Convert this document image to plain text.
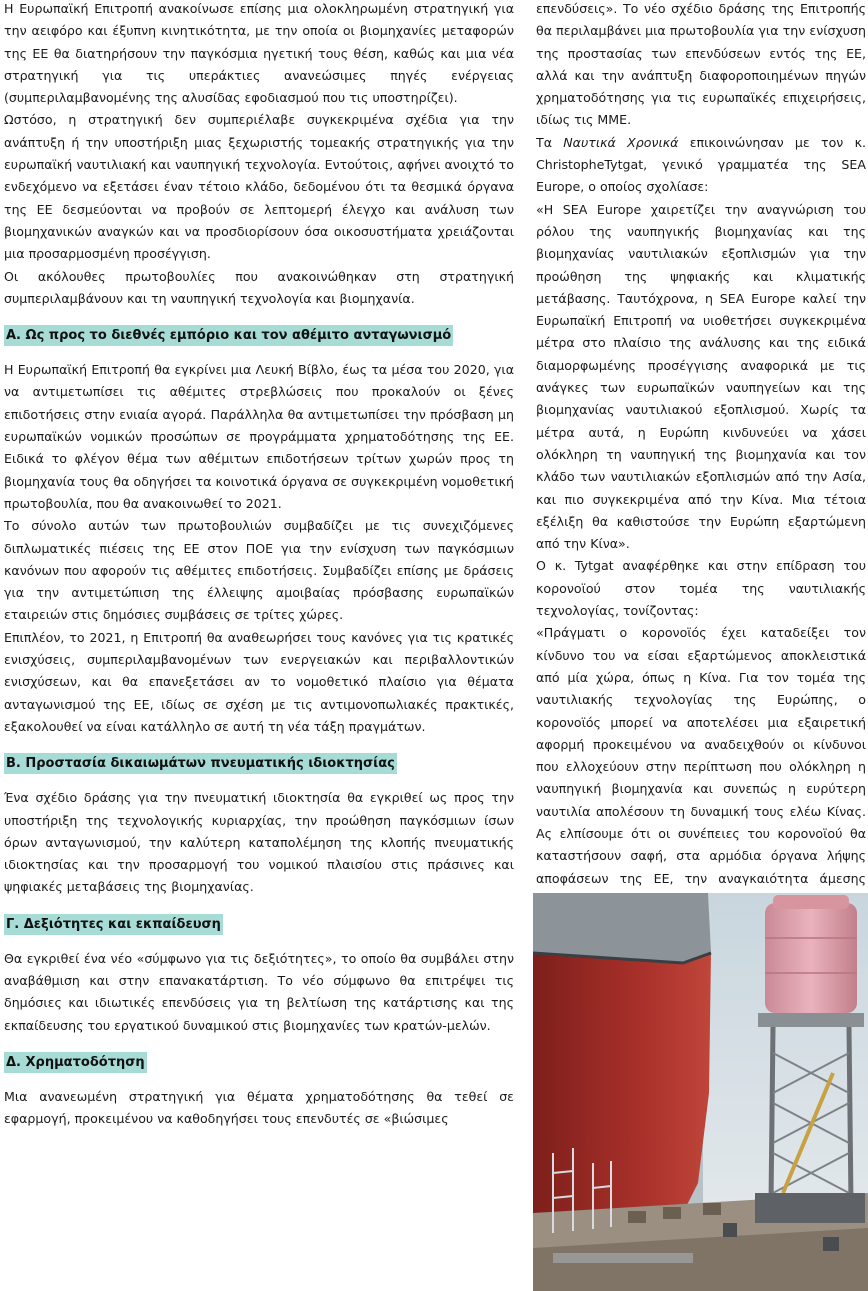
Η Ευρωπαϊκή Επιτροπή ανακοίνωσε επίσης μια ολοκληρωμένη στρατηγική για την αειφόρο και έξυπνη κινητικότητα, με την οποία οι βιομηχανίες μεταφορών της ΕΕ θα διατηρήσουν την παγκόσμια ηγετική τους θέση, καθώς και μια νέα στρατηγική για τις υπεράκτιες ανανεώσιμες πηγές ενέργειας (συμπεριλαμβανομένης της αλυσίδας εφοδιασμού που τις υποστηρίζει).

Ωστόσο, η στρατηγική δεν συμπεριέλαβε συγκεκριμένα σχέδια για την ανάπτυξη ή την υποστήριξη μιας ξεχωριστής τομεακής στρατηγικής για την ευρωπαϊκή ναυτιλιακή και ναυπηγική τεχνολογία. Εντούτοις, αφήνει ανοιχτό το ενδεχόμενο να εξετάσει έναν τέτοιο κλάδο, δεδομένου ότι τα θεσμικά όργανα της ΕΕ δεσμεύονται να προβούν σε λεπτομερή έλεγχο και ανάλυση των βιομηχανικών αναγκών και να προσδιορίσουν όσα οικοσυστήματα χρειάζονται μια προσαρμοσμένη προσέγγιση.

Οι ακόλουθες πρωτοβουλίες που ανακοινώθηκαν στη στρατηγική συμπεριλαμβάνουν και τη ναυπηγική τεχνολογία και βιομηχανία.

Α. Ως προς το διεθνές εμπόριο και τον αθέμιτο ανταγωνισμό

Η Ευρωπαϊκή Επιτροπή θα εγκρίνει μια Λευκή Βίβλο, έως τα μέσα του 2020, για να αντιμετωπίσει τις αθέμιτες στρεβλώσεις που προκαλούν οι ξένες επιδοτήσεις στην ενιαία αγορά. Παράλληλα θα αντιμετωπίσει την πρόσβαση μη ευρωπαϊκών νομικών προσώπων σε προγράμματα χρηματοδότησης της ΕΕ. Ειδικά το φλέγον θέμα των αθέμιτων επιδοτήσεων τρίτων χωρών προς τη βιομηχανία τους θα οδηγήσει τα κοινοτικά όργανα σε συγκεκριμένη νομοθετική πρωτοβουλία, που θα ανακοινωθεί το 2021.

Το σύνολο αυτών των πρωτοβουλιών συμβαδίζει με τις συνεχιζόμενες διπλωματικές πιέσεις της ΕΕ στον ΠΟΕ για την ενίσχυση των παγκόσμιων κανόνων που αφορούν τις αθέμιτες επιδοτήσεις. Συμβαδίζει επίσης με δράσεις για την αντιμετώπιση της έλλειψης αμοιβαίας πρόσβασης ευρωπαϊκών εταιρειών στις δημόσιες συμβάσεις σε τρίτες χώρες.

Επιπλέον, το 2021, η Επιτροπή θα αναθεωρήσει τους κανόνες για τις κρατικές ενισχύσεις, συμπεριλαμβανομένων των ενεργειακών και περιβαλλοντικών ενισχύσεων, και θα επανεξετάσει αν το νομοθετικό πλαίσιο για θέματα ανταγωνισμού της ΕΕ, ιδίως σε σχέση με τις αντιμονοπωλιακές πρακτικές, εξακολουθεί να είναι κατάλληλο σε αυτή τη νέα τάξη πραγμάτων.

Β. Προστασία δικαιωμάτων πνευματικής ιδιοκτησίας

Ένα σχέδιο δράσης για την πνευματική ιδιοκτησία θα εγκριθεί ως προς την υποστήριξη της τεχνολογικής κυριαρχίας, την προώθηση παγκόσμιων ίσων όρων ανταγωνισμού, την καλύτερη καταπολέμηση της κλοπής πνευματικής ιδιοκτησίας και την προσαρμογή του νομικού πλαισίου στις πράσινες και ψηφιακές μεταβάσεις της βιομηχανίας.

Γ. Δεξιότητες και εκπαίδευση

Θα εγκριθεί ένα νέο «σύμφωνο για τις δεξιότητες», το οποίο θα συμβάλει στην αναβάθμιση και στην επανακατάρτιση. Το νέο σύμφωνο θα επιτρέψει τις δημόσιες και ιδιωτικές επενδύσεις για τη βελτίωση της κατάρτισης και της εκπαίδευσης του εργατικού δυναμικού στις βιομηχανίες των κρατών-μελών.

Δ. Χρηματοδότηση

Μια ανανεωμένη στρατηγική για θέματα χρηματοδότησης θα τεθεί σε εφαρμογή, προκειμένου να καθοδηγήσει τους επενδυτές σε «βιώσιμες

επενδύσεις». Το νέο σχέδιο δράσης της Επιτροπής θα περιλαμβάνει μια πρωτοβουλία για την ενίσχυση της προστασίας των επενδύσεων εντός της ΕΕ, αλλά και την ανάπτυξη διαφοροποιημένων πηγών χρηματοδότησης για τις ευρωπαϊκές επιχειρήσεις, ιδίως τις ΜΜΕ.

Τα Ναυτικά Χρονικά επικοινώνησαν με τον κ. ChristopheTytgat, γενικό γραμματέα της SEA Europe, ο οποίος σχολίασε:

«Η SEA Europe χαιρετίζει την αναγνώριση του ρόλου της ναυπηγικής βιομηχανίας και της βιομηχανίας ναυτιλιακών εξοπλισμών για την προώθηση της ψηφιακής και κλιματικής μετάβασης. Ταυτόχρονα, η SEA Europe καλεί την Ευρωπαϊκή Επιτροπή να υιοθετήσει συγκεκριμένα μέτρα στο πλαίσιο της ανάλυσης και της ειδικά διαμορφωμένης προσέγγισης αναφορικά με τις ανάγκες των ευρωπαϊκών ναυπηγείων και της βιομηχανίας ναυτιλιακού εξοπλισμού. Χωρίς τα μέτρα αυτά, η Ευρώπη κινδυνεύει να χάσει ολόκληρη τη ναυπηγική της βιομηχανία και τον κλάδο των ναυτιλιακών εξοπλισμών από την Ασία, και πιο συγκεκριμένα από την Κίνα. Μια τέτοια εξέλιξη θα καθιστούσε την Ευρώπη εξαρτώμενη από την Κίνα».

Ο κ. Tytgat αναφέρθηκε και στην επίδραση του κορονοϊού στον τομέα της ναυτιλιακής τεχνολογίας, τονίζοντας:

«Πράγματι ο κορονοϊός έχει καταδείξει τον κίνδυνο του να είσαι εξαρτώμενος αποκλειστικά από μία χώρα, όπως η Κίνα. Για τον τομέα της ναυτιλιακής τεχνολογίας της Ευρώπης, ο κορονοϊός μπορεί να αποτελέσει μια εξαιρετική αφορμή προκειμένου να αναδειχθούν οι κίνδυνοι που ελλοχεύουν στην περίπτωση που ολόκληρη η ναυπηγική βιομηχανία και συνεπώς η ευρύτερη ναυτιλία απολέσουν τη δυναμική τους ελέω Κίνας. Ας ελπίσουμε ότι οι συνέπειες του κορονοϊού θα καταστήσουν σαφή, στα αρμόδια όργανα λήψης αποφάσεων της ΕΕ, την αναγκαιότητα άμεσης
